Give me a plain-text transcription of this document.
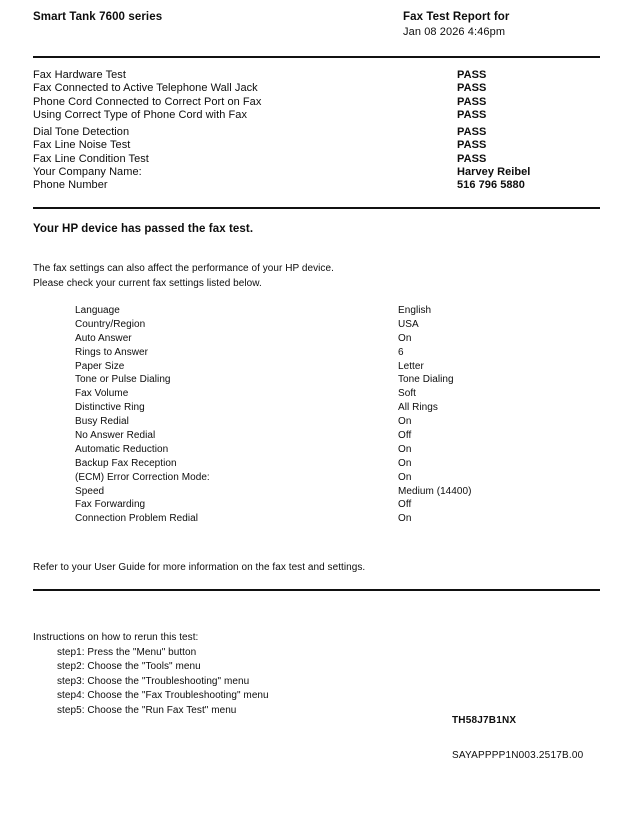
Smart Tank 7600 series	Fax Test Report for
Jan 08 2026 4:46pm
Fax Hardware Test	PASS
Fax Connected to Active Telephone Wall Jack	PASS
Phone Cord Connected to Correct Port on Fax	PASS
Using Correct Type of Phone Cord with Fax	PASS
Dial Tone Detection	PASS
Fax Line Noise Test	PASS
Fax Line Condition Test	PASS
Your Company Name:	Harvey Reibel
Phone Number	516 796 5880
Your HP device has passed the fax test.
The fax settings can also affect the performance of your HP device.
Please check your current fax settings listed below.
Language	English
Country/Region	USA
Auto Answer	On
Rings to Answer	6
Paper Size	Letter
Tone or Pulse Dialing	Tone Dialing
Fax Volume	Soft
Distinctive Ring	All Rings
Busy Redial	On
No Answer Redial	Off
Automatic Reduction	On
Backup Fax Reception	On
(ECM) Error Correction Mode:	On
Speed	Medium (14400)
Fax Forwarding	Off
Connection Problem Redial	On
Refer to your User Guide for more information on the fax test and settings.
Instructions on how to rerun this test:
step1: Press the "Menu" button
step2: Choose the "Tools" menu
step3: Choose the "Troubleshooting" menu
step4: Choose the "Fax Troubleshooting" menu
step5: Choose the "Run Fax Test" menu
TH58J7B1NX
SAYAPPPP1N003.2517B.00
